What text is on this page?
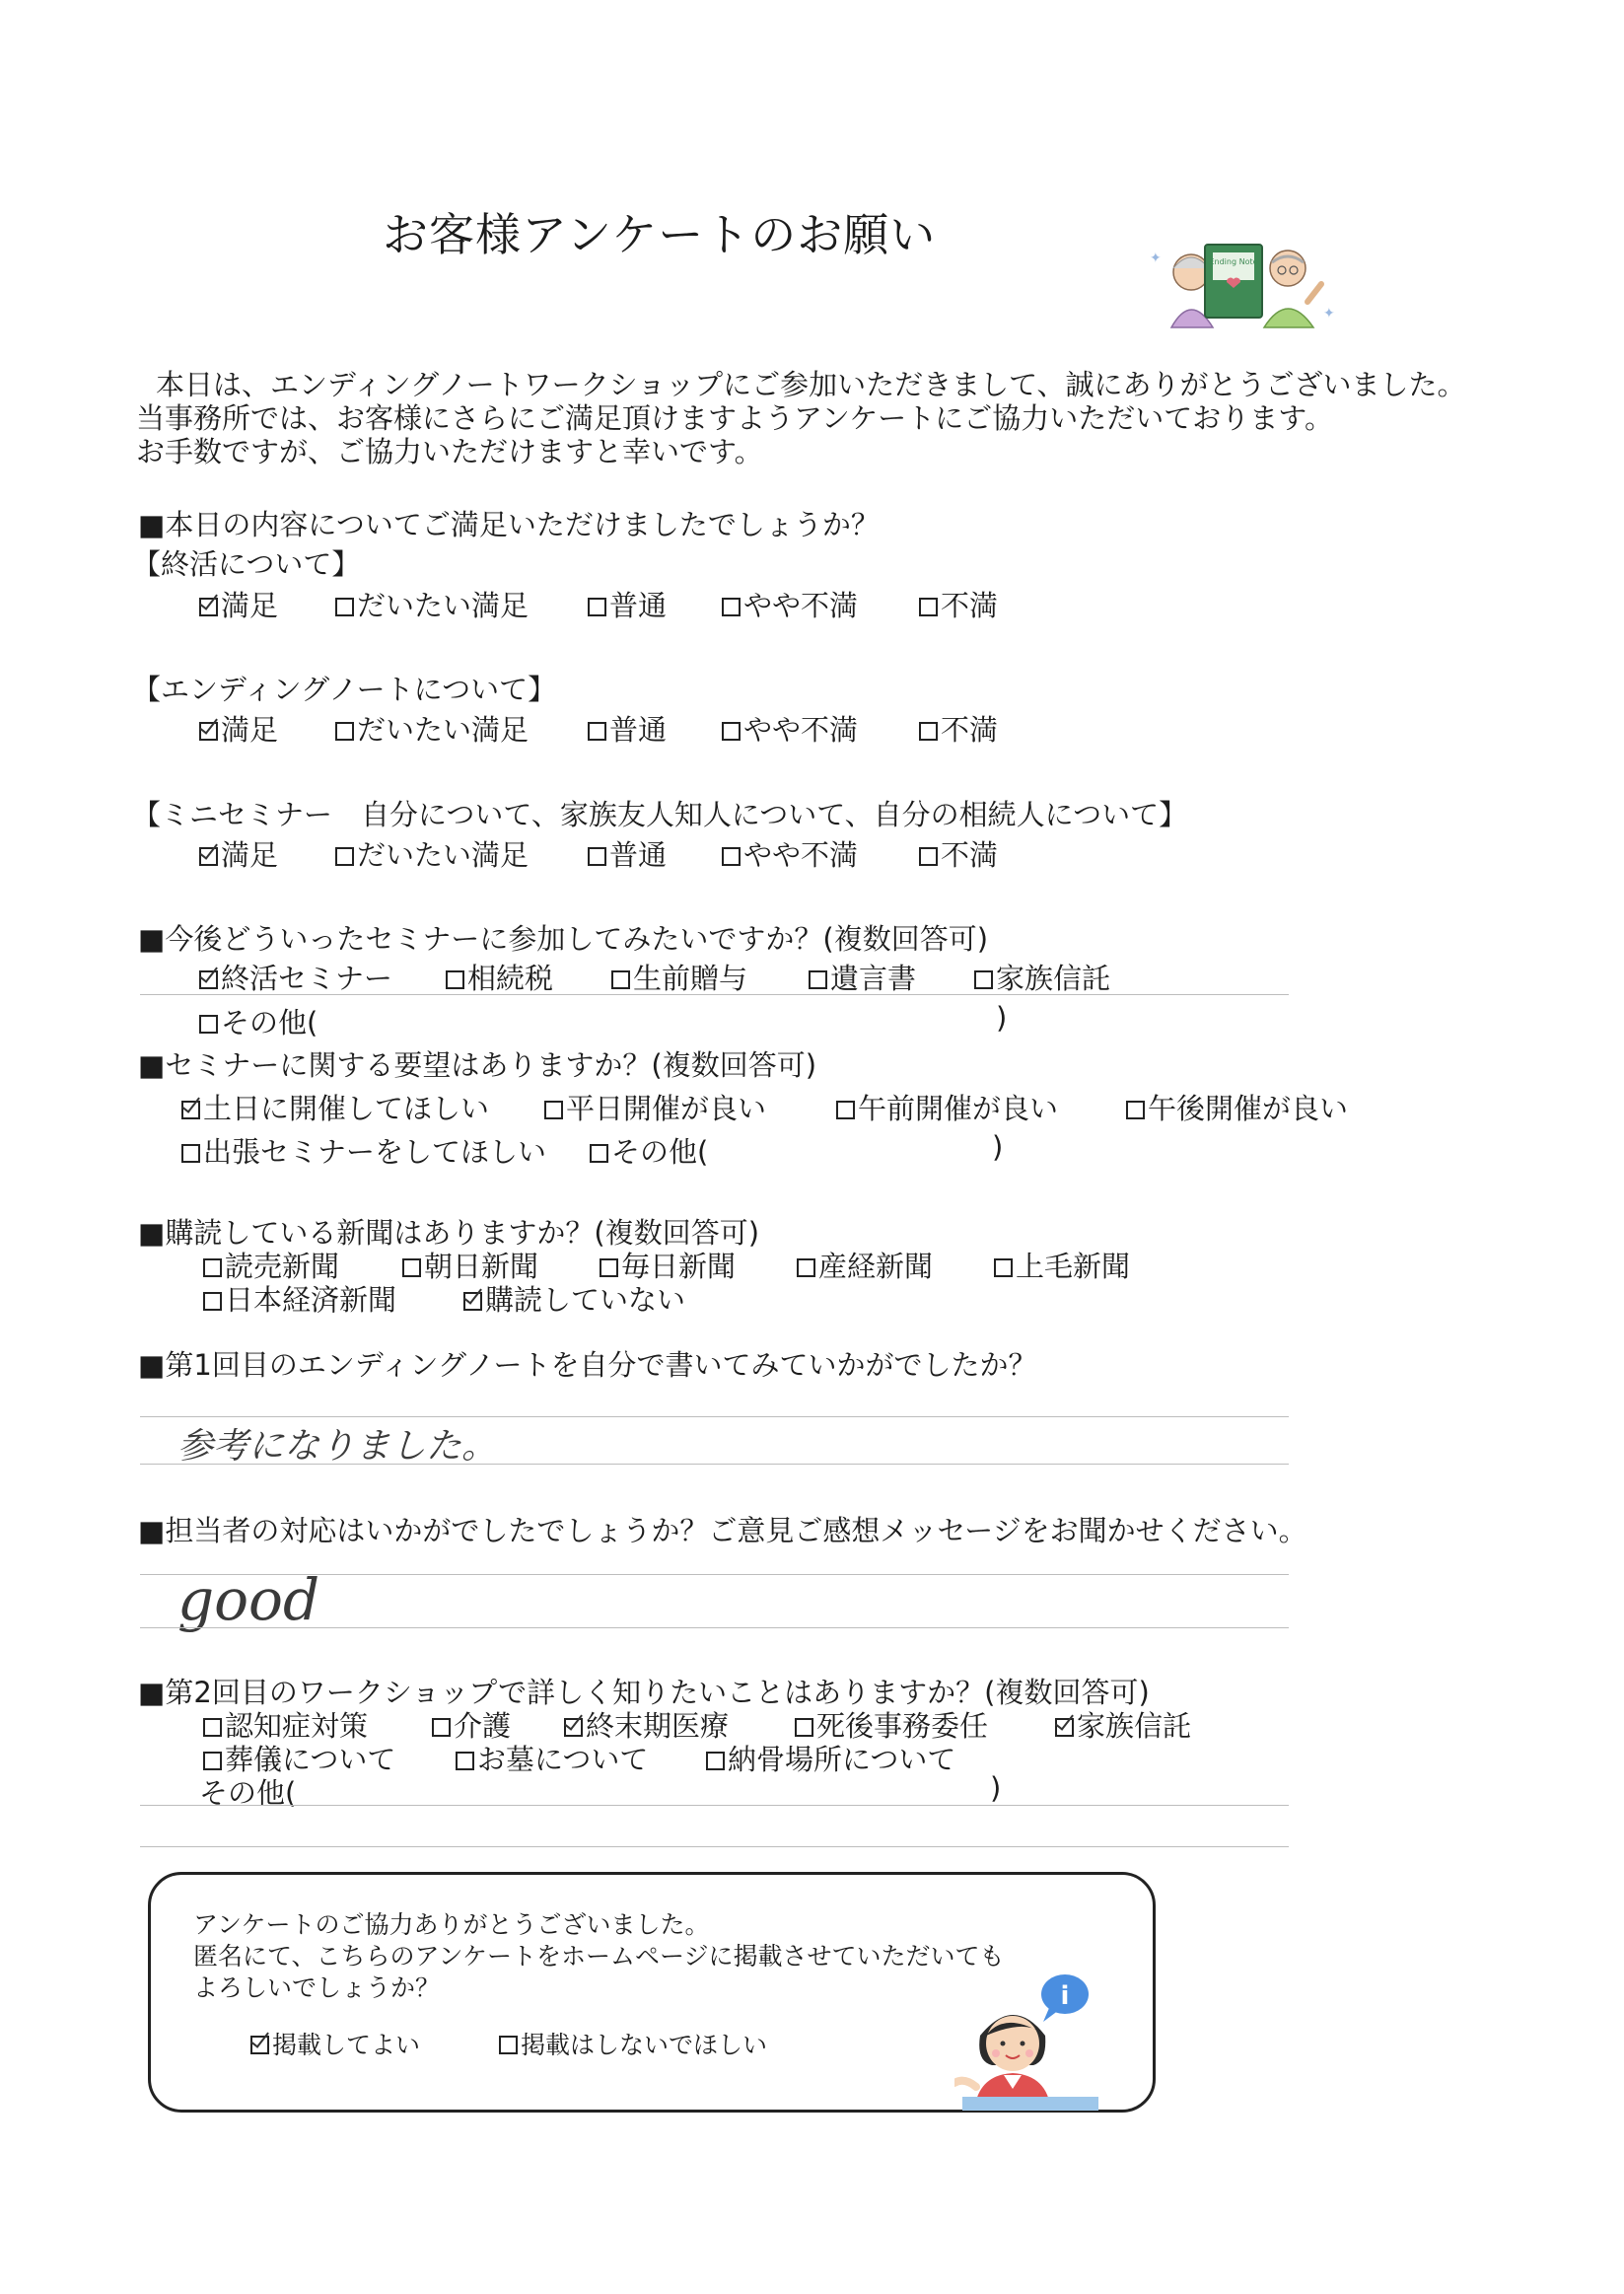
お客様アンケートのお願い	✦
✦
Ending Note
本日は、エンディングノートワークショップにご参加いただきまして、誠にありがとうございました。
当事務所では、お客様にさらにご満足頂けますようアンケートにご協力いただいております。
お手数ですが、ご協力いただけますと幸いです。
■本日の内容についてご満足いただけましたでしょうか？
【終活について】
満足	だいたい満足	普通	やや不満	不満
【エンディングノートについて】
満足	だいたい満足	普通	やや不満	不満
【ミニセミナー　自分について、家族友人知人について、自分の相続人について】
満足	だいたい満足	普通	やや不満	不満
■今後どういったセミナーに参加してみたいですか？(複数回答可)
終活セミナー	相続税	生前贈与	遺言書	家族信託
その他(	)
■セミナーに関する要望はありますか？(複数回答可)
土日に開催してほしい	平日開催が良い	午前開催が良い	午後開催が良い
出張セミナーをしてほしい	その他(	)
■購読している新聞はありますか？(複数回答可)
読売新聞	朝日新聞	毎日新聞	産経新聞	上毛新聞
日本経済新聞	購読していない
■第1回目のエンディングノートを自分で書いてみていかがでしたか？
参考になりました。
■担当者の対応はいかがでしたでしょうか？ご意見ご感想メッセージをお聞かせください。
good
■第2回目のワークショップで詳しく知りたいことはありますか？(複数回答可)
認知症対策	介護	終末期医療	死後事務委任	家族信託
葬儀について	お墓について	納骨場所について
その他(	)
アンケートのご協力ありがとうございました。
匿名にて、こちらのアンケートをホームページに掲載させていただいても
よろしいでしょうか？
掲載してよい	掲載はしないでほしい
i
